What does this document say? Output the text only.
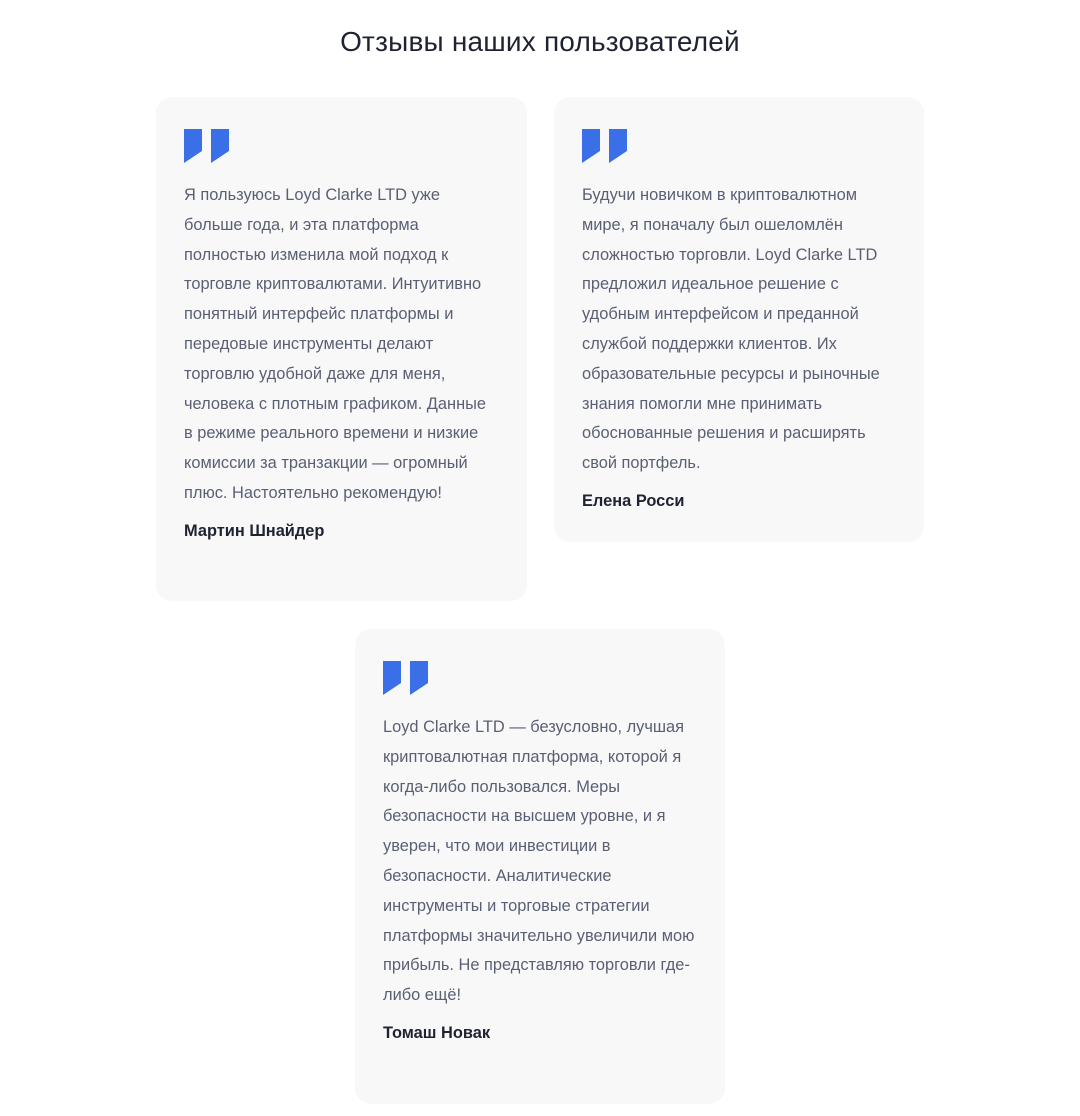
Отзывы наших пользователей

Я пользуюсь Loyd Clarke LTD уже больше года, и эта платформа полностью изменила мой подход к торговле криптовалютами. Интуитивно понятный интерфейс платформы и передовые инструменты делают торговлю удобной даже для меня, человека с плотным графиком. Данные в режиме реального времени и низкие комиссии за транзакции — огромный плюс. Настоятельно рекомендую!

Мартин Шнайдер

Будучи новичком в криптовалютном мире, я поначалу был ошеломлён сложностью торговли. Loyd Clarke LTD предложил идеальное решение с удобным интерфейсом и преданной службой поддержки клиентов. Их образовательные ресурсы и рыночные знания помогли мне принимать обоснованные решения и расширять свой портфель.

Елена Росси

Loyd Clarke LTD — безусловно, лучшая криптовалютная платформа, которой я когда-либо пользовался. Меры безопасности на высшем уровне, и я уверен, что мои инвестиции в безопасности. Аналитические инструменты и торговые стратегии платформы значительно увеличили мою прибыль. Не представляю торговли где-либо ещё!

Томаш Новак
